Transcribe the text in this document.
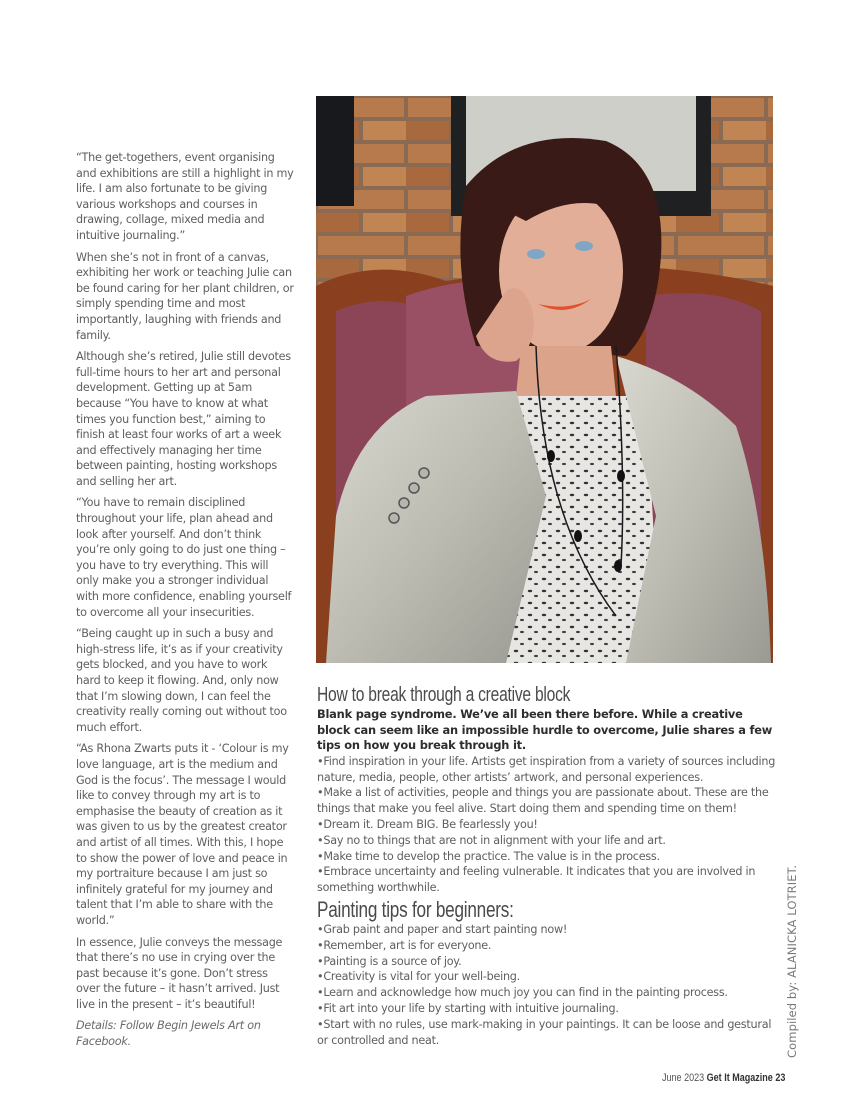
“The get-togethers, event organising and exhibitions are still a highlight in my life. I am also fortunate to be giving various workshops and courses in drawing, collage, mixed media and intuitive journaling.”

When she’s not in front of a canvas, exhibiting her work or teaching Julie can be found caring for her plant children, or simply spending time and most importantly, laughing with friends and family.

Although she’s retired, Julie still devotes full-time hours to her art and personal development. Getting up at 5am because “You have to know at what times you function best,” aiming to finish at least four works of art a week and effectively managing her time between painting, hosting workshops and selling her art.

“You have to remain disciplined throughout your life, plan ahead and look after yourself. And don’t think you’re only going to do just one thing – you have to try everything. This will only make you a stronger individual with more confidence, enabling yourself to overcome all your insecurities.

“Being caught up in such a busy and high-stress life, it’s as if your creativity gets blocked, and you have to work hard to keep it flowing. And, only now that I’m slowing down, I can feel the creativity really coming out without too much effort.

“As Rhona Zwarts puts it - ‘Colour is my love language, art is the medium and God is the focus’. The message I would like to convey through my art is to emphasise the beauty of creation as it was given to us by the greatest creator and artist of all times. With this, I hope to show the power of love and peace in my portraiture because I am just so infinitely grateful for my journey and talent that I’m able to share with the world.”

In essence, Julie conveys the message that there’s no use in crying over the past because it’s gone. Don’t stress over the future – it hasn’t arrived. Just live in the present – it’s beautiful!

Details: Follow Begin Jewels Art on Facebook.

How to break through a creative block

Blank page syndrome. We’ve all been there before. While a creative block can seem like an impossible hurdle to overcome, Julie shares a few tips on how you break through it.

• Find inspiration in your life. Artists get inspiration from a variety of sources including nature, media, people, other artists’ artwork, and personal experiences.
• Make a list of activities, people and things you are passionate about. These are the things that make you feel alive. Start doing them and spending time on them!
• Dream it. Dream BIG. Be fearlessly you!
• Say no to things that are not in alignment with your life and art.
• Make time to develop the practice. The value is in the process.
• Embrace uncertainty and feeling vulnerable. It indicates that you are involved in something worthwhile.
Painting tips for beginners:
• Grab paint and paper and start painting now!
• Remember, art is for everyone.
• Painting is a source of joy.
• Creativity is vital for your well-being.
• Learn and acknowledge how much joy you can find in the painting process.
• Fit art into your life by starting with intuitive journaling.
• Start with no rules, use mark-making in your paintings. It can be loose and gestural or controlled and neat.	Compiled by: ALANICKA LOTRIET.
June 2023 Get It Magazine 23
